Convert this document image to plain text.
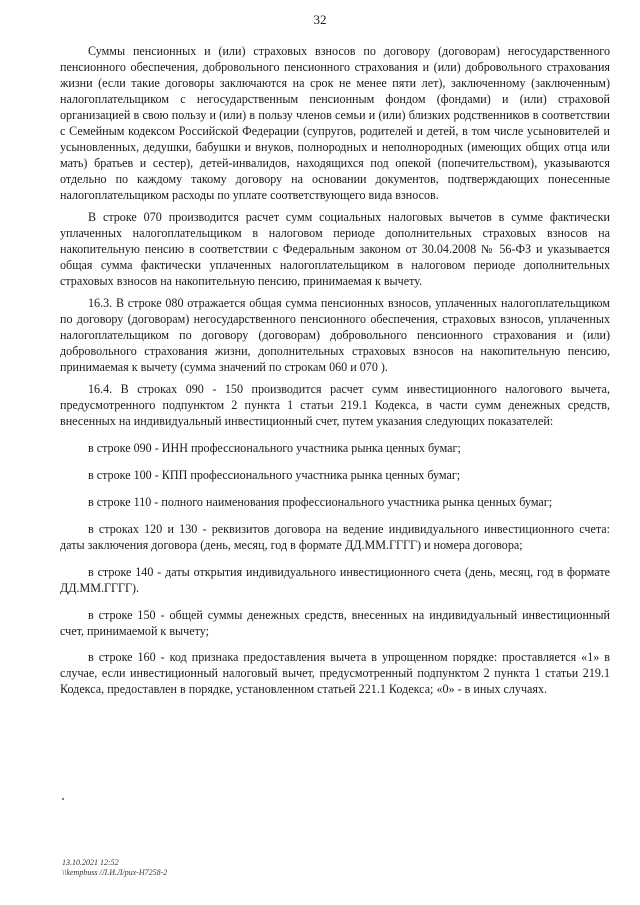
32

Суммы пенсионных и (или) страховых взносов по договору (договорам) негосударственного пенсионного обеспечения, добровольного пенсионного страхования и (или) добровольного страхования жизни (если такие договоры заключаются на срок не менее пяти лет), заключенному (заключенным) налогоплательщиком с негосударственным пенсионным фондом (фондами) и (или) страховой организацией в свою пользу и (или) в пользу членов семьи и (или) близких родственников в соответствии с Семейным кодексом Российской Федерации (супругов, родителей и детей, в том числе усыновителей и усыновленных, дедушки, бабушки и внуков, полнородных и неполнородных (имеющих общих отца или мать) братьев и сестер), детей-инвалидов, находящихся под опекой (попечительством), указываются отдельно по каждому такому договору на основании документов, подтверждающих понесенные налогоплательщиком расходы по уплате соответствующего вида взносов.

В строке 070 производится расчет сумм социальных налоговых вычетов в сумме фактически уплаченных налогоплательщиком в налоговом периоде дополнительных страховых взносов на накопительную пенсию в соответствии с Федеральным законом от 30.04.2008 № 56-ФЗ и указывается общая сумма фактически уплаченных налогоплательщиком в налоговом периоде дополнительных страховых взносов на накопительную пенсию, принимаемая к вычету.

16.3. В строке 080 отражается общая сумма пенсионных взносов, уплаченных налогоплательщиком по договору (договорам) негосударственного пенсионного обеспечения, страховых взносов, уплаченных налогоплательщиком по договору (договорам) добровольного пенсионного страхования и (или) добровольного страхования жизни, дополнительных страховых взносов на накопительную пенсию, принимаемая к вычету (сумма значений по строкам 060 и 070 ).

16.4. В строках 090 - 150 производится расчет сумм инвестиционного налогового вычета, предусмотренного подпунктом 2 пункта 1 статьи 219.1 Кодекса, в части сумм денежных средств, внесенных на индивидуальный инвестиционный счет, путем указания следующих показателей:

в строке 090 - ИНН профессионального участника рынка ценных бумаг;

в строке 100 - КПП профессионального участника рынка ценных бумаг;

в строке 110 - полного наименования профессионального участника рынка ценных бумаг;

в строках 120 и 130 - реквизитов договора на ведение индивидуального инвестиционного счета: даты заключения договора (день, месяц, год в формате ДД.ММ.ГГГГ) и номера договора;

в строке 140 - даты открытия индивидуального инвестиционного счета (день, месяц, год в формате ДД.ММ.ГГГГ).

в строке 150 - общей суммы денежных средств, внесенных на индивидуальный инвестиционный счет, принимаемой к вычету;

в строке 160 - код признака предоставления вычета в упрощенном порядке: проставляется «1» в случае, если инвестиционный налоговый вычет, предусмотренный подпунктом 2 пункта 1 статьи 219.1 Кодекса, предоставлен в порядке, установленном статьей 221.1 Кодекса; «0» - в иных случаях.

13.10.2021 12:52
\\kempbuss /Л.И.Л/рих-Н7258-2
